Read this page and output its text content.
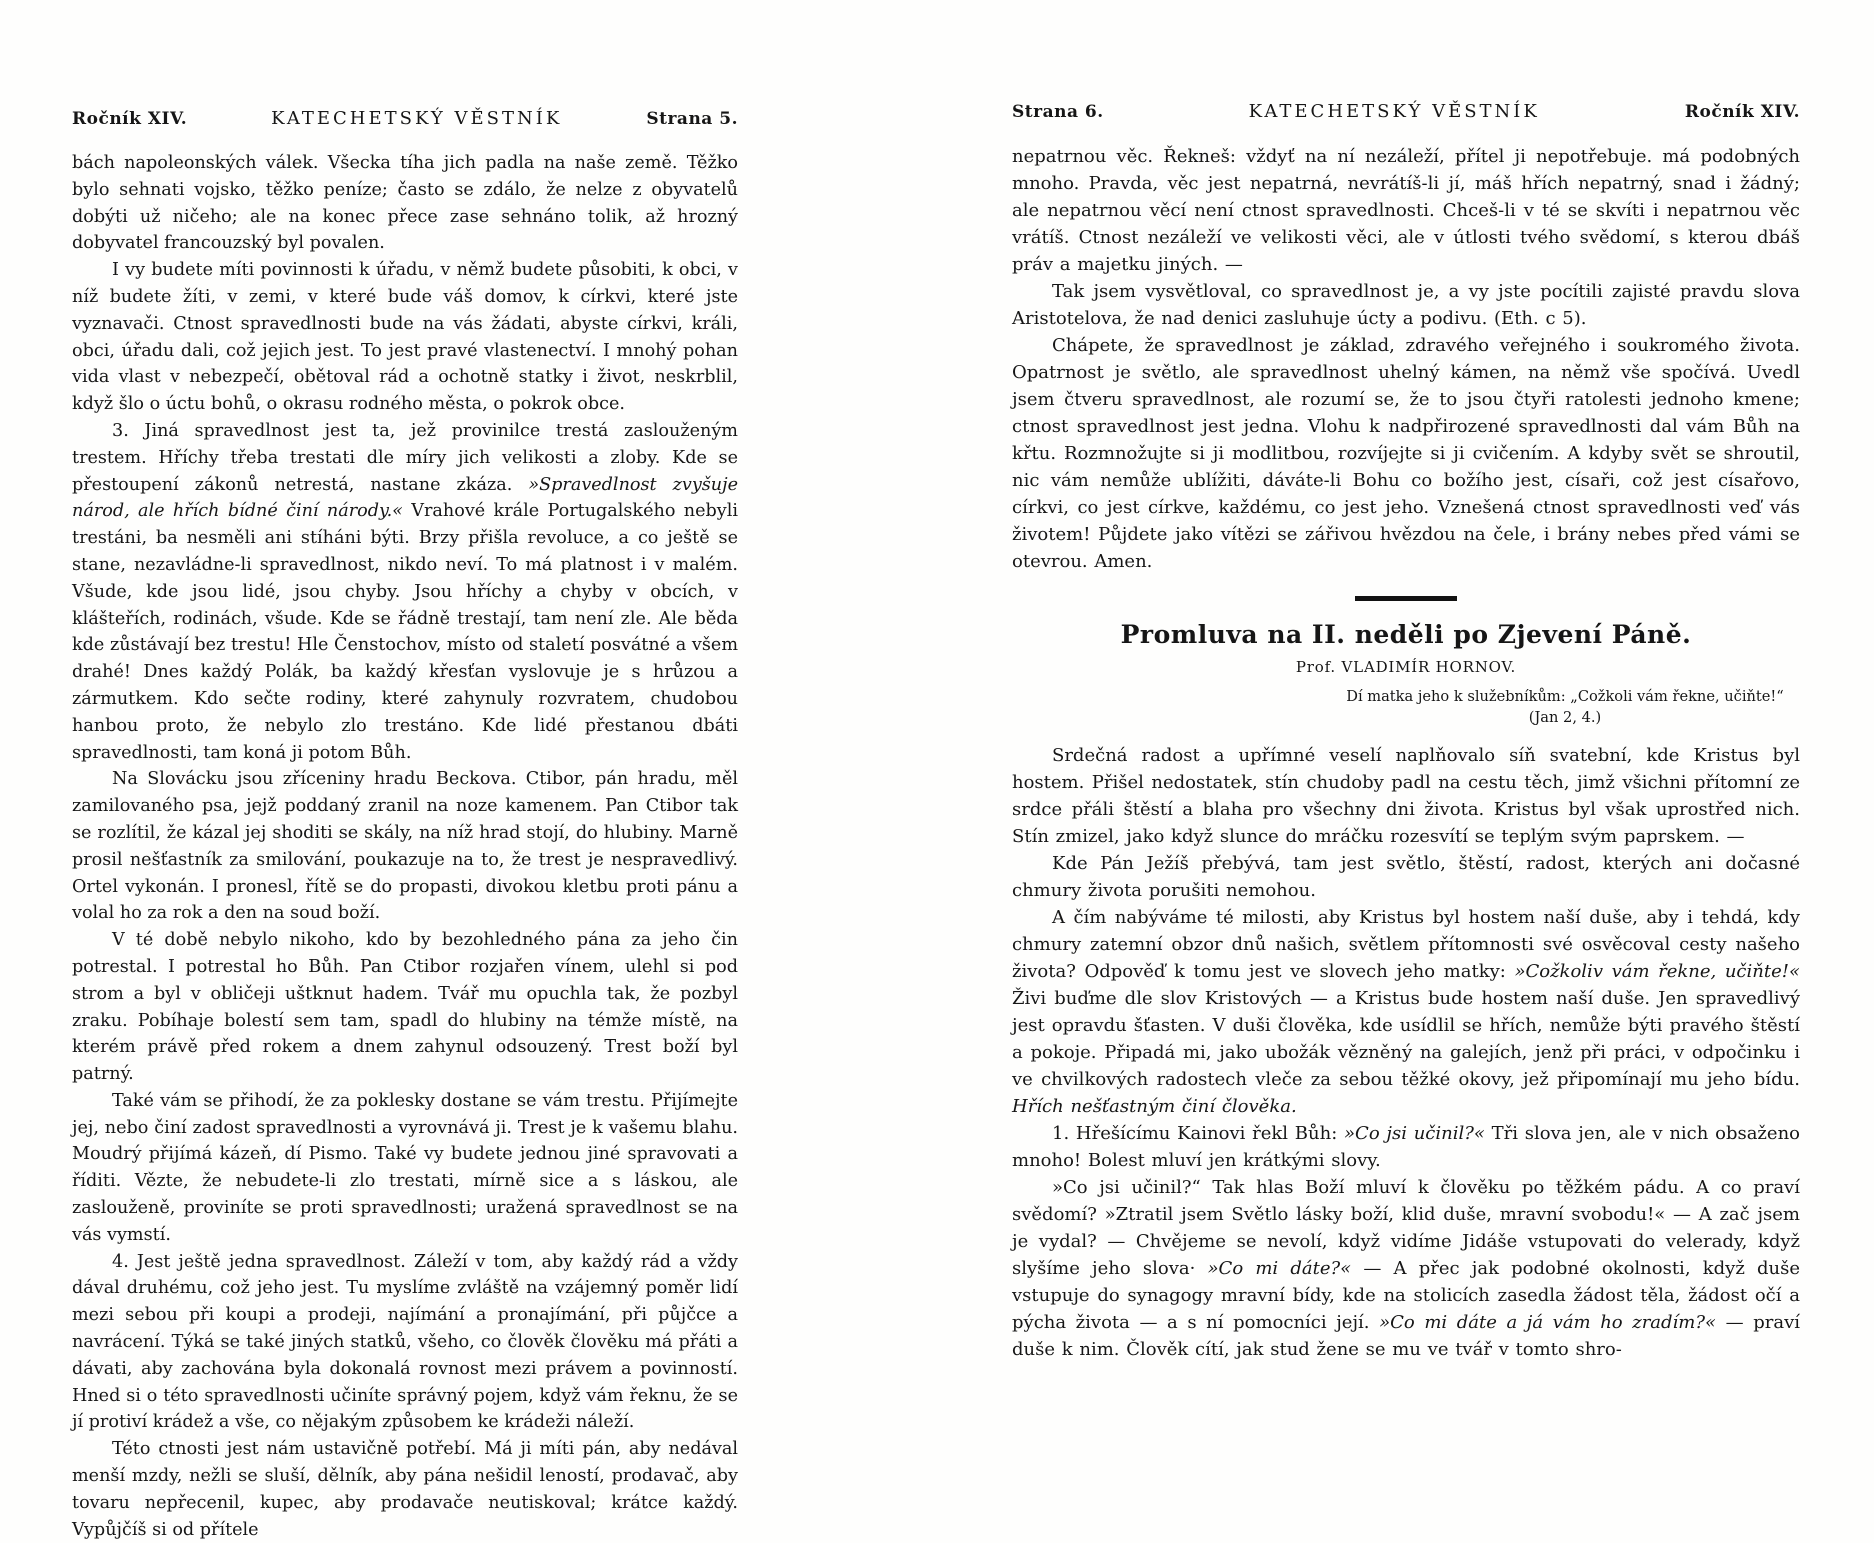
Ročník XIV.	KATECHETSKÝ VĚSTNÍK	Strana 5.

bách napoleonských válek. Všecka tíha jich padla na naše země. Těžko bylo sehnati vojsko, těžko peníze; často se zdálo, že nelze z obyvatelů dobýti už ničeho; ale na konec přece zase sehnáno tolik, až hrozný dobyvatel francouzský byl povalen.

I vy budete míti povinnosti k úřadu, v němž budete působiti, k obci, v níž budete žíti, v zemi, v které bude váš domov, k církvi, které jste vyznavači. Ctnost spravedlnosti bude na vás žádati, abyste církvi, králi, obci, úřadu dali, což jejich jest. To jest pravé vlastenectví. I mnohý pohan vida vlast v nebezpečí, obětoval rád a ochotně statky i život, neskrblil, když šlo o úctu bohů, o okrasu rodného města, o pokrok obce.

3. Jiná spravedlnost jest ta, jež provinilce trestá zaslouženým trestem. Hříchy třeba trestati dle míry jich velikosti a zloby. Kde se přestoupení zákonů netrestá, nastane zkáza. »Spravedlnost zvyšuje národ, ale hřích bídné činí národy.« Vrahové krále Portugalského nebyli trestáni, ba nesměli ani stíháni býti. Brzy přišla revoluce, a co ještě se stane, nezavládne-li spravedlnost, nikdo neví. To má platnost i v malém. Všude, kde jsou lidé, jsou chyby. Jsou hříchy a chyby v obcích, v klášteřích, rodinách, všude. Kde se řádně trestají, tam není zle. Ale běda kde zůstávají bez trestu! Hle Čenstochov, místo od staletí posvátné a všem drahé! Dnes každý Polák, ba každý křesťan vyslovuje je s hrůzou a zármutkem. Kdo sečte rodiny, které zahynuly rozvratem, chudobou hanbou proto, že nebylo zlo trestáno. Kde lidé přestanou dbáti spravedlnosti, tam koná ji potom Bůh.

Na Slovácku jsou zříceniny hradu Beckova. Ctibor, pán hradu, měl zamilovaného psa, jejž poddaný zranil na noze kamenem. Pan Ctibor tak se rozlítil, že kázal jej shoditi se skály, na níž hrad stojí, do hlubiny. Marně prosil nešťastník za smilování, poukazuje na to, že trest je nespravedlivý. Ortel vykonán. I pronesl, řítě se do propasti, divokou kletbu proti pánu a volal ho za rok a den na soud boží.

V té době nebylo nikoho, kdo by bezohledného pána za jeho čin potrestal. I potrestal ho Bůh. Pan Ctibor rozjařen vínem, ulehl si pod strom a byl v obličeji uštknut hadem. Tvář mu opuchla tak, že pozbyl zraku. Pobíhaje bolestí sem tam, spadl do hlubiny na témže místě, na kterém právě před rokem a dnem zahynul odsouzený. Trest boží byl patrný.

Také vám se přihodí, že za poklesky dostane se vám trestu. Přijímejte jej, nebo činí zadost spravedlnosti a vyrovnává ji. Trest je k vašemu blahu. Moudrý přijímá kázeň, dí Pismo. Také vy budete jednou jiné spravovati a říditi. Vězte, že nebudete-li zlo trestati, mírně sice a s láskou, ale zaslouženě, proviníte se proti spravedlnosti; uražená spravedlnost se na vás vymstí.

4. Jest ještě jedna spravedlnost. Záleží v tom, aby každý rád a vždy dával druhému, což jeho jest. Tu myslíme zvláště na vzájemný poměr lidí mezi sebou při koupi a prodeji, najímání a pronajímání, při půjčce a navrácení. Týká se také jiných statků, všeho, co člověk člověku má přáti a dávati, aby zachována byla dokonalá rovnost mezi právem a povinností. Hned si o této spravedlnosti učiníte správný pojem, když vám řeknu, že se jí protiví krádež a vše, co nějakým způsobem ke krádeži náleží.

Této ctnosti jest nám ustavičně potřebí. Má ji míti pán, aby nedával menší mzdy, nežli se sluší, dělník, aby pána nešidil leností, prodavač, aby tovaru nepřecenil, kupec, aby prodavače neutiskoval; krátce každý. Vypůjčíš si od přítele

Strana 6.	KATECHETSKÝ VĚSTNÍK	Ročník XIV.

nepatrnou věc. Řekneš: vždyť na ní nezáleží, přítel ji nepotřebuje. má podobných mnoho. Pravda, věc jest nepatrná, nevrátíš-li jí, máš hřích nepatrný, snad i žádný; ale nepatrnou věcí není ctnost spravedlnosti. Chceš-li v té se skvíti i nepatrnou věc vrátíš. Ctnost nezáleží ve velikosti věci, ale v útlosti tvého svědomí, s kterou dbáš práv a majetku jiných. —

Tak jsem vysvětloval, co spravedlnost je, a vy jste pocítili zajisté pravdu slova Aristotelova, že nad denici zasluhuje úcty a podivu. (Eth. c 5).

Chápete, že spravedlnost je základ, zdravého veřejného i soukromého života. Opatrnost je světlo, ale spravedlnost uhelný kámen, na němž vše spočívá. Uvedl jsem čtveru spravedlnost, ale rozumí se, že to jsou čtyři ratolesti jednoho kmene; ctnost spravedlnost jest jedna. Vlohu k nadpřirozené spravedlnosti dal vám Bůh na křtu. Rozmnožujte si ji modlitbou, rozvíjejte si ji cvičením. A kdyby svět se shroutil, nic vám nemůže ublížiti, dáváte-li Bohu co božího jest, císaři, což jest císařovo, církvi, co jest církve, každému, co jest jeho. Vznešená ctnost spravedlnosti veď vás životem! Půjdete jako vítězi se zářivou hvězdou na čele, i brány nebes před vámi se otevrou. Amen.

Promluva na II. neděli po Zjevení Páně.
Prof. VLADIMÍR HORNOV.
Dí matka jeho k služebníkům: „Cožkoli vám řekne, učiňte!“ (Jan 2, 4.)

Srdečná radost a upřímné veselí naplňovalo síň svatební, kde Kristus byl hostem. Přišel nedostatek, stín chudoby padl na cestu těch, jimž všichni přítomní ze srdce přáli štěstí a blaha pro všechny dni života. Kristus byl však uprostřed nich. Stín zmizel, jako když slunce do mráčku rozesvítí se teplým svým paprskem. —

Kde Pán Ježíš přebývá, tam jest světlo, štěstí, radost, kterých ani dočasné chmury života porušiti nemohou.

A čím nabýváme té milosti, aby Kristus byl hostem naší duše, aby i tehdá, kdy chmury zatemní obzor dnů našich, světlem přítomnosti své osvěcoval cesty našeho života? Odpověď k tomu jest ve slovech jeho matky: »Cožkoliv vám řekne, učiňte!« Živi buďme dle slov Kristových — a Kristus bude hostem naší duše. Jen spravedlivý jest opravdu šťasten. V duši člověka, kde usídlil se hřích, nemůže býti pravého štěstí a pokoje. Připadá mi, jako ubožák vězněný na galejích, jenž při práci, v odpočinku i ve chvilkových radostech vleče za sebou těžké okovy, jež připomínají mu jeho bídu. Hřích nešťastným činí člověka.

1. Hřešícímu Kainovi řekl Bůh: »Co jsi učinil?« Tři slova jen, ale v nich obsaženo mnoho! Bolest mluví jen krátkými slovy.

»Co jsi učinil?“ Tak hlas Boží mluví k člověku po těžkém pádu. A co praví svědomí? »Ztratil jsem Světlo lásky boží, klid duše, mravní svobodu!« — A zač jsem je vydal? — Chvějeme se nevolí, když vidíme Jidáše vstupovati do velerady, když slyšíme jeho slova· »Co mi dáte?« — A přec jak podobné okolnosti, když duše vstupuje do synagogy mravní bídy, kde na stolicích zasedla žádost těla, žádost očí a pýcha života — a s ní pomocníci její. »Co mi dáte a já vám ho zradím?« — praví duše k nim. Člověk cítí, jak stud žene se mu ve tvář v tomto shro-
